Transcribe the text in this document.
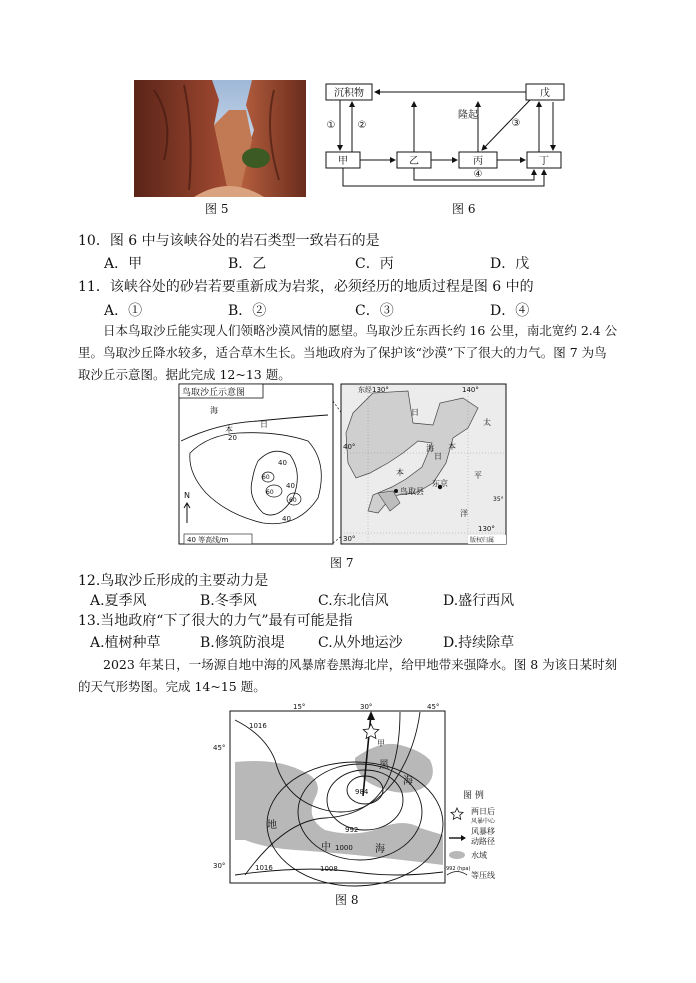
图 5
沉积物	戊
甲	乙	丙	丁
① ②	③
④
隆起
图 6
10．图 6 中与该峡谷处的岩石类型一致岩石的是
A．甲	B．乙	C．丙	D．戊
11．该峡谷处的砂岩若要重新成为岩浆，必须经历的地质过程是图 6 中的
A．①	B．②	C．③	D．④
日本鸟取沙丘能实现人们领略沙漠风情的愿望。鸟取沙丘东西长约 16 公里，南北宽约 2.4 公里。鸟取沙丘降水较多，适合草木生长。当地政府为了保护该“沙漠”下了很大的力气。图 7 为鸟取沙丘示意图。据此完成 12~13 题。
鸟取沙丘示意图
日
本
海
20
40
40
40
60
60
60
N
40 等高线/m
东经130°	140°
40°
35°
30°
130°
日
本
海
日
本
太
平
洋
鸟取县
东京
版权归属
图 7
12.鸟取沙丘形成的主要动力是
A.夏季风	B.冬季风	C.东北信风	D.盛行西风
13.当地政府“下了很大的力气”最有可能是指
A.植树种草	B.修筑防浪堤 C.从外地运沙	D.持续除草
2023 年某日，一场源自地中海的风暴席卷黑海北岸，给甲地带来强降水。图 8 为该日某时刻的天气形势图。完成 14~15 题。
1016
984
992
1000
1008
1016
15°	30°	45°
45°
30°
甲
黑
海
地
中	海
图 例
两日后
风暴中心
风暴移
动路径
水域
992 (hpa)
等压线
图 8
